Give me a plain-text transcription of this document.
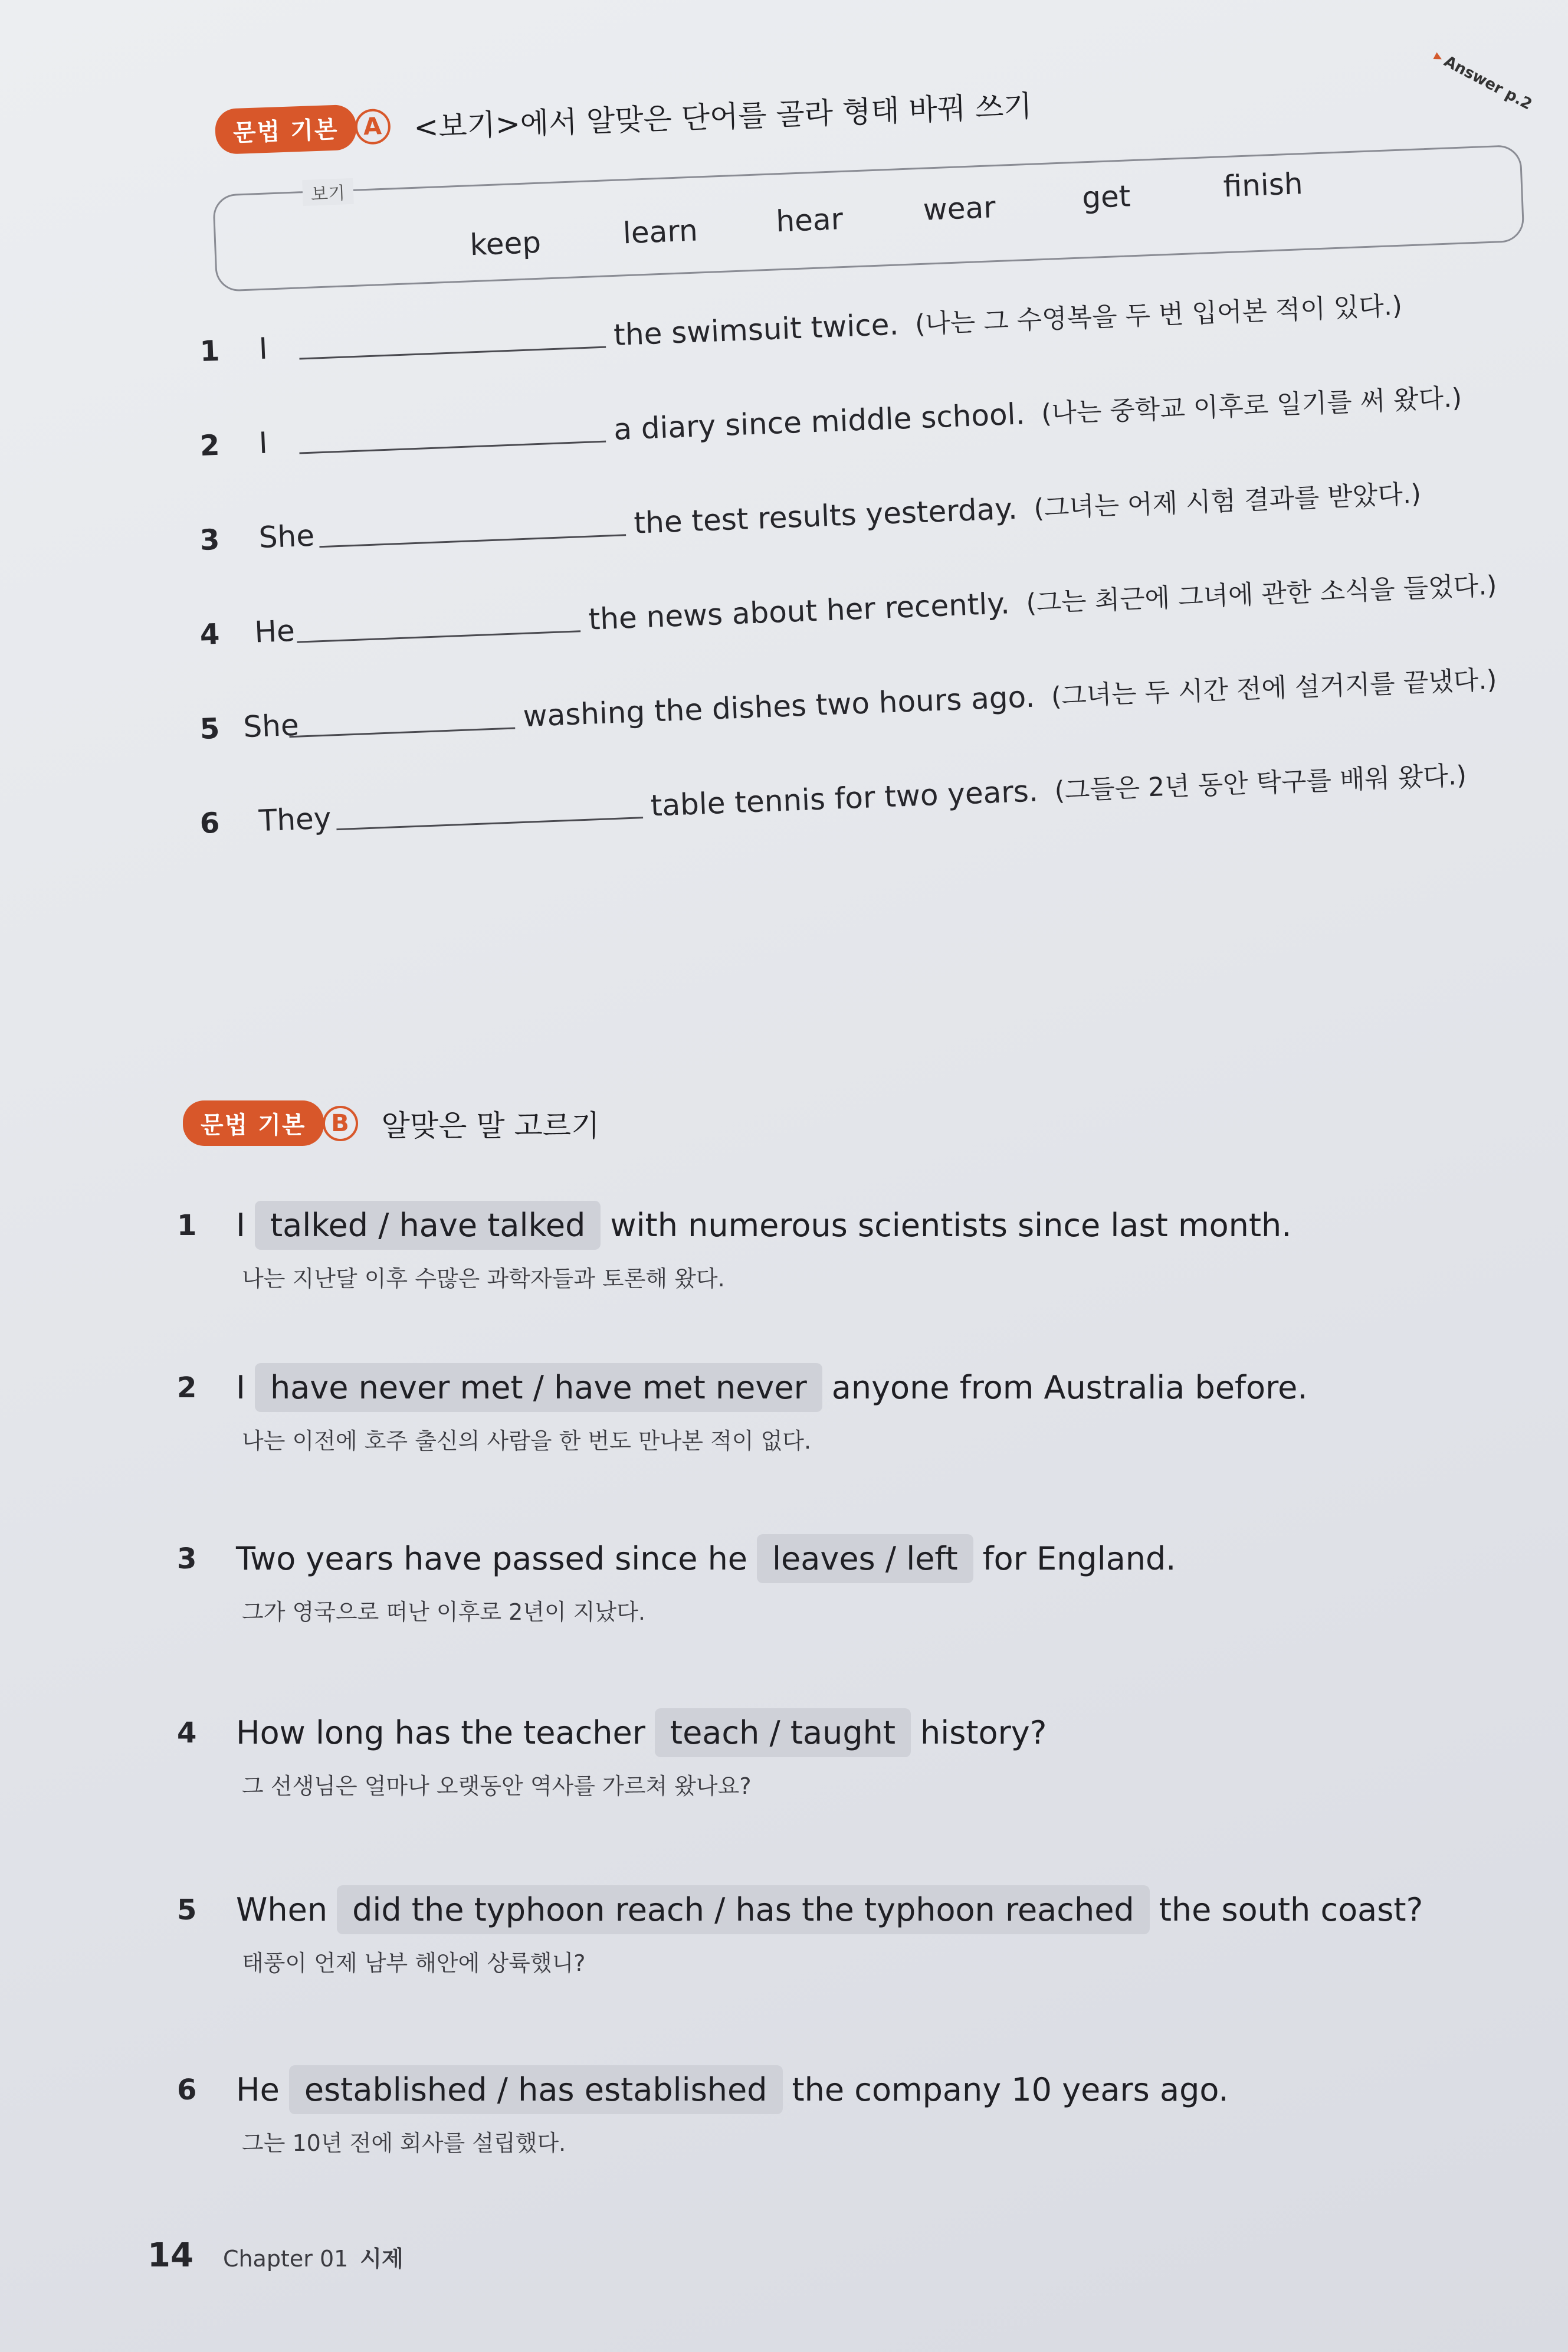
▸Answer p.2
문법 기본	A <보기>에서 알맞은 단어를 골라 형태 바꿔 쓰기
보기
keep	learn	hear	wear	get	finish
1	I	the swimsuit twice. (나는 그 수영복을 두 번 입어본 적이 있다.)
2	I	a diary since middle school. (나는 중학교 이후로 일기를 써 왔다.)
3	She	the test results yesterday. (그녀는 어제 시험 결과를 받았다.)
4	He	the news about her recently. (그는 최근에 그녀에 관한 소식을 들었다.)
5 She	washing the dishes two hours ago. (그녀는 두 시간 전에 설거지를 끝냈다.)
6	They	table tennis for two years. (그들은 2년 동안 탁구를 배워 왔다.)
문법 기본	B 알맞은 말 고르기
1	I talked / have talked with numerous scientists since last month.
나는 지난달 이후 수많은 과학자들과 토론해 왔다.
2	I have never met / have met never anyone from Australia before.
나는 이전에 호주 출신의 사람을 한 번도 만나본 적이 없다.
3	Two years have passed since he leaves / left for England.
그가 영국으로 떠난 이후로 2년이 지났다.
4	How long has the teacher teach / taught history?
그 선생님은 얼마나 오랫동안 역사를 가르쳐 왔나요?
5	When did the typhoon reach / has the typhoon reached the south coast?
태풍이 언제 남부 해안에 상륙했니?
6	He established / has established the company 10 years ago.
그는 10년 전에 회사를 설립했다.
14 Chapter 01 시제
